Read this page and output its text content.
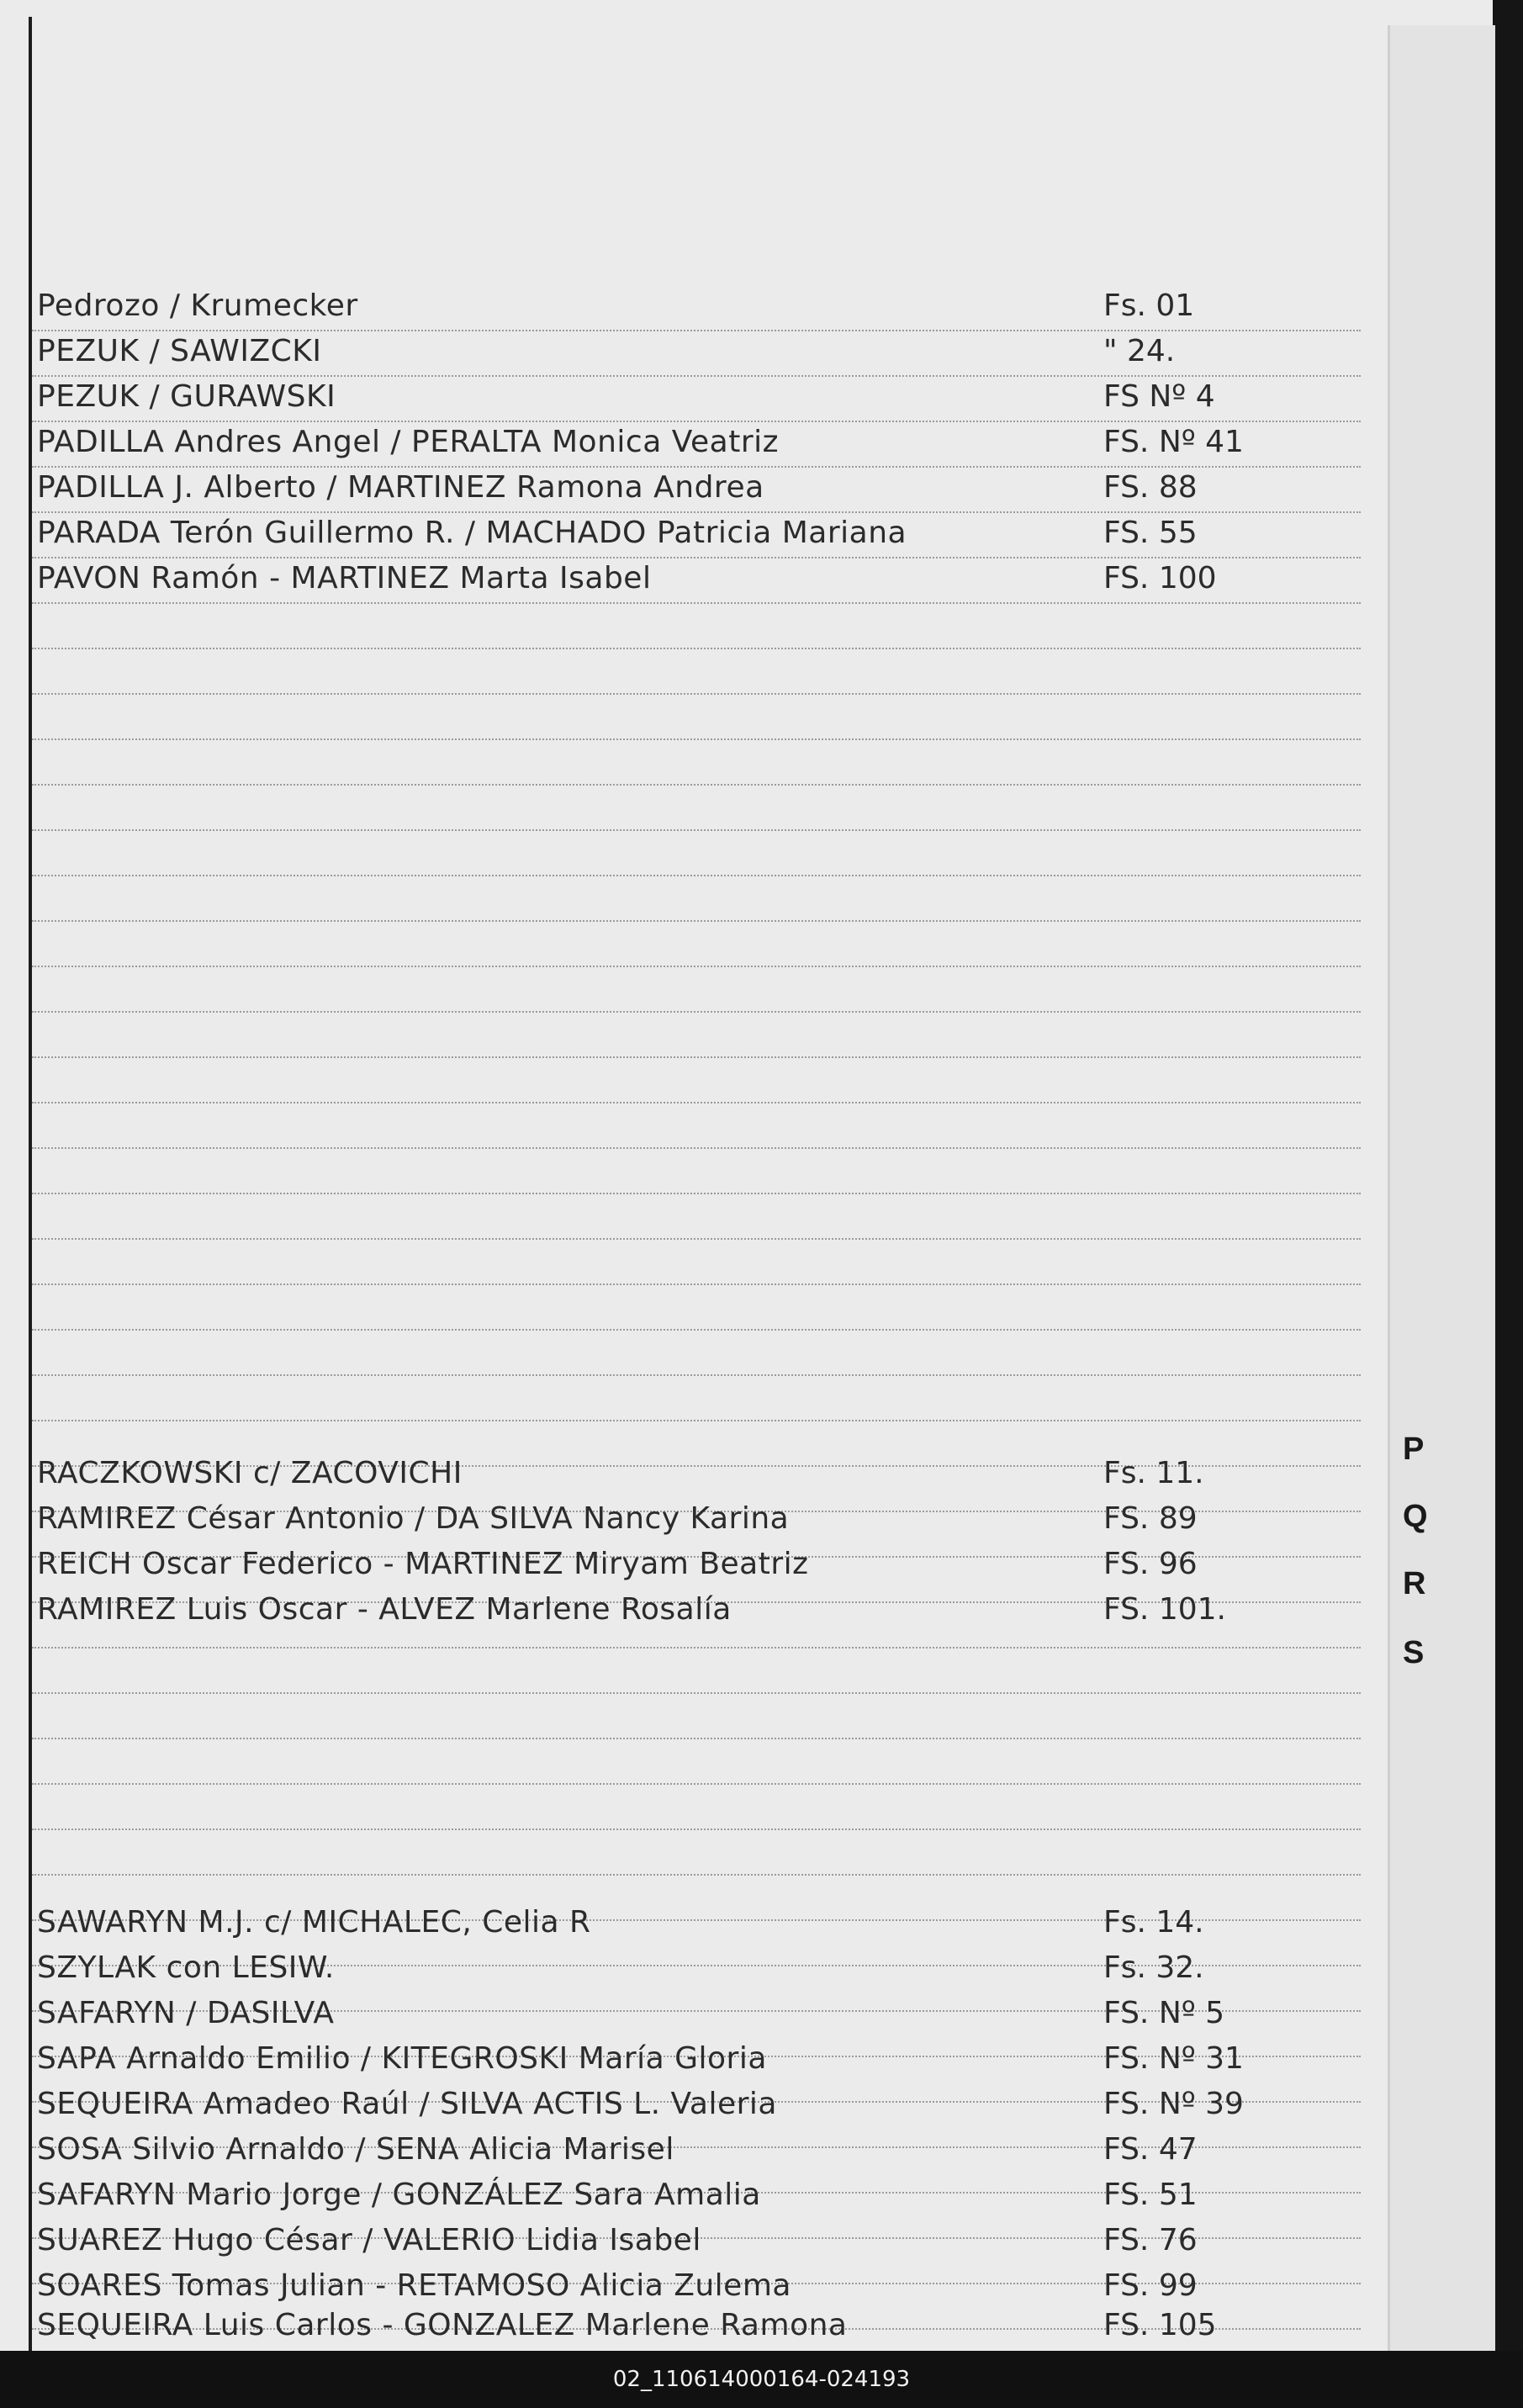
Pedrozo / Krumecker	Fs. 01
PEZUK / SAWIZCKI	" 24.
PEZUK / GURAWSKI	FS Nº 4
PADILLA Andres Angel / PERALTA Monica Veatriz	FS. Nº 41
PADILLA J. Alberto / MARTINEZ Ramona Andrea	FS. 88
PARADA Terón Guillermo R. / MACHADO Patricia Mariana	FS. 55
PAVON Ramón - MARTINEZ Marta Isabel	FS. 100
RACZKOWSKI c/ ZACOVICHI	Fs. 11.
RAMIREZ César Antonio / DA SILVA Nancy Karina	FS. 89
REICH Oscar Federico - MARTINEZ Miryam Beatriz	FS. 96
RAMIREZ Luis Oscar - ALVEZ Marlene Rosalía	FS. 101.
SAWARYN M.J. c/ MICHALEC, Celia R	Fs. 14.
SZYLAK con LESIW.	Fs. 32.
SAFARYN / DASILVA	FS. Nº 5
SAPA Arnaldo Emilio / KITEGROSKI María Gloria	FS. Nº 31
SEQUEIRA Amadeo Raúl / SILVA ACTIS L. Valeria	FS. Nº 39
SOSA Silvio Arnaldo / SENA Alicia Marisel	FS. 47
SAFARYN Mario Jorge / GONZÁLEZ Sara Amalia	FS. 51
SUAREZ Hugo César / VALERIO Lidia Isabel	FS. 76
SOARES Tomas Julian - RETAMOSO Alicia Zulema	FS. 99
SEQUEIRA Luis Carlos - GONZALEZ Marlene Ramona	FS. 105
P
Q
R
S
02_110614000164-024193
